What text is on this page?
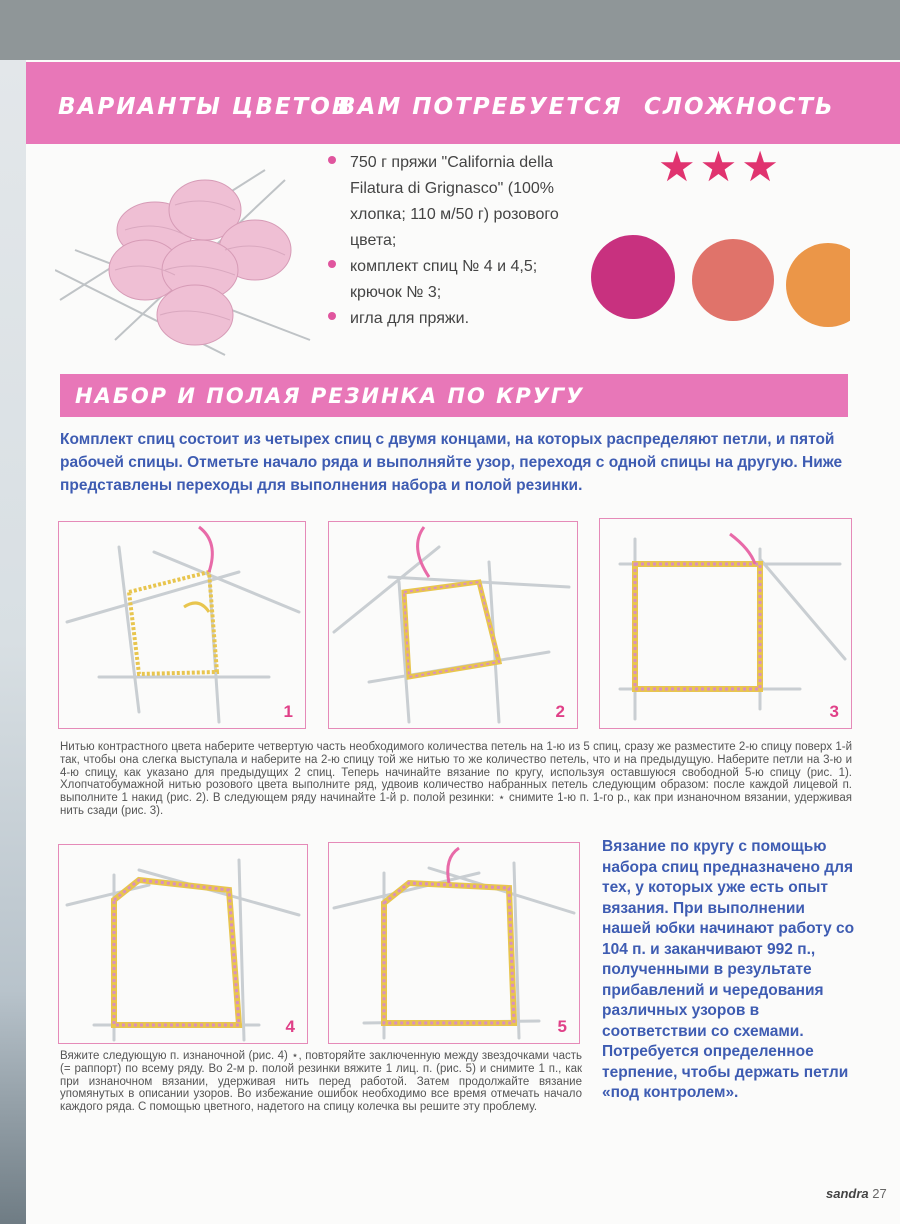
ВАРИАНТЫ ЦВЕТОВ
ВАМ ПОТРЕБУЕТСЯ СЛОЖНОСТЬ
750 г пряжи "California della Filatura di Grignasco" (100% хлопка; 110 м/50 г) розового цвета;
комплект спиц № 4 и 4,5; крючок № 3;
игла для пряжи.
★★★
НАБОР И ПОЛАЯ РЕЗИНКА ПО КРУГУ
Комплект спиц состоит из четырех спиц с двумя концами, на которых распределяют петли, и пятой рабочей спицы. Отметьте начало ряда и выполняйте узор, переходя с одной спицы на другую. Ниже представлены переходы для выполнения набора и полой резинки.
1	2	3
4	5
Нитью контрастного цвета наберите четвертую часть необходимого количества петель на 1-ю из 5 спиц, сразу же разместите 2-ю спицу поверх 1-й так, чтобы она слегка выступала и наберите на 2-ю спицу той же нитью то же количество петель, что и на предыдущую. Наберите петли на 3-ю и 4-ю спицу, как указано для предыдущих 2 спиц. Теперь начинайте вязание по кругу, используя оставшуюся свободной 5-ю спицу (рис. 1). Хлопчатобумажной нитью розового цвета выполните ряд, удвоив количество набранных петель следующим образом: после каждой лицевой п. выполните 1 накид (рис. 2). В следующем ряду начинайте 1-й р. полой резинки: ⋆ снимите 1-ю п. 1-го р., как при изнаночном вязании, удерживая нить сзади (рис. 3).
Вяжите следующую п. изнаночной (рис. 4) ⋆, повторяйте заключенную между звездочками часть (= раппорт) по всему ряду. Во 2-м р. полой резинки вяжите 1 лиц. п. (рис. 5) и снимите 1 п., как при изнаночном вязании, удерживая нить перед работой. Затем продолжайте вязание упомянутых в описании узоров. Во избежание ошибок необходимо все время отмечать начало каждого ряда. С помощью цветного, надетого на спицу колечка вы решите эту проблему.
Вязание по кругу с помощью набора спиц предназначено для тех, у которых уже есть опыт вязания. При выполнении нашей юбки начинают работу со 104 п. и заканчивают 992 п., полученными в результате прибавлений и чередования различных узоров в соответствии со схемами. Потребуется определенное терпение, чтобы держать петли «под контролем».
sandra 27
